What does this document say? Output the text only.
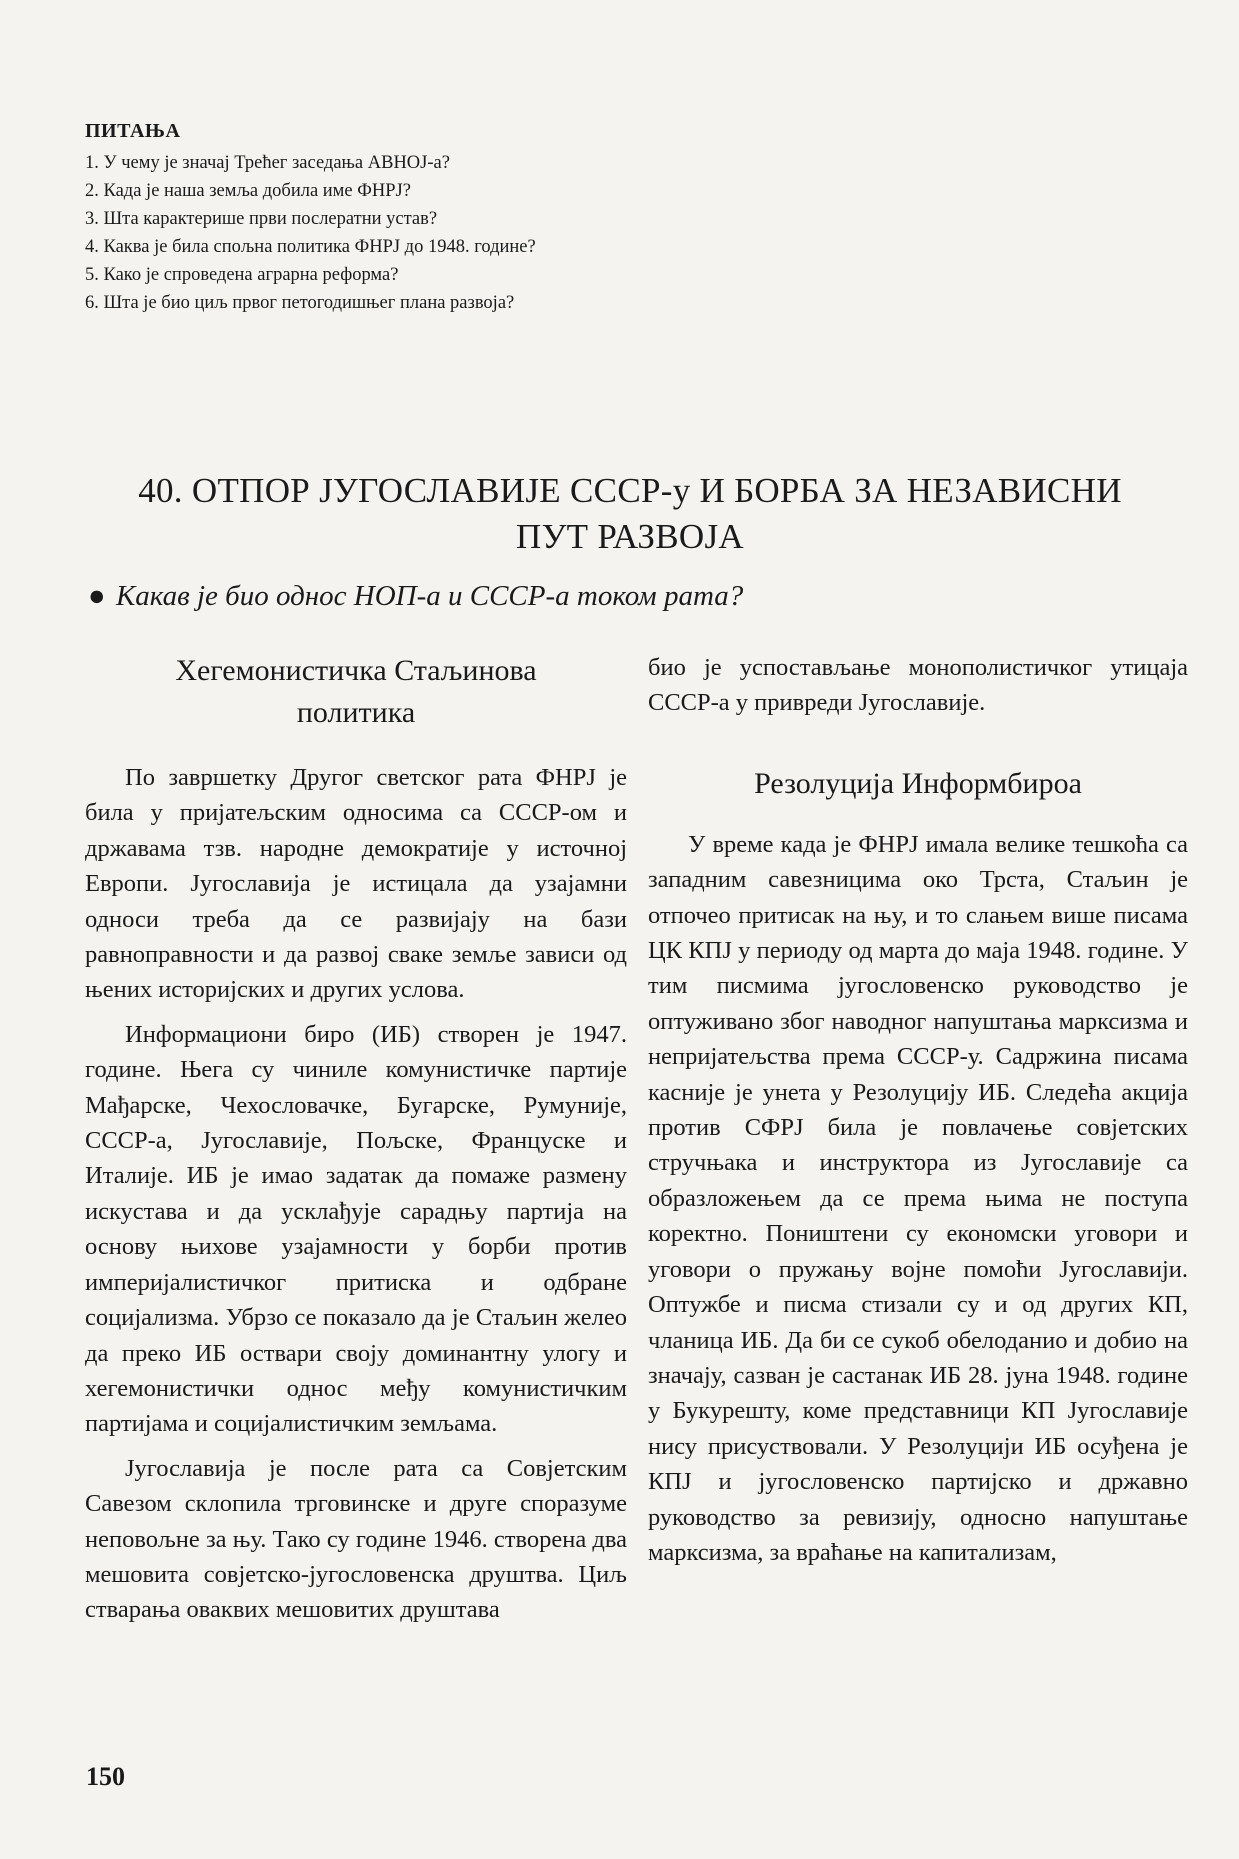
ПИТАЊА
1. У чему је значај Трећег заседања АВНОЈ-а?
2. Када је наша земља добила име ФНРЈ?
3. Шта карактерише први послератни устав?
4. Каква је била спољна политика ФНРЈ до 1948. године?
5. Како је спроведена аграрна реформа?
6. Шта је био циљ првог петогодишњег плана развоја?
40. ОТПОР ЈУГОСЛАВИЈЕ СССР-у И БОРБА ЗА НЕЗАВИСНИ
ПУТ РАЗВОЈА
● Какав је био однос НОП-а и СССР-а током рата?
Хегемонистичка Стаљинова политика

По завршетку Другог светског рата ФНРЈ је била у пријатељским односима са СССР-ом и државама тзв. народне демократије у источној Европи. Југославија је истицала да узајамни односи треба да се развијају на бази равноправности и да развој сваке земље зависи од њених историјских и других услова.

Информациони биро (ИБ) створен је 1947. године. Њега су чиниле комунистичке партије Мађарске, Чехословачке, Бугарске, Румуније, СССР-а, Југославије, Пољске, Француске и Италије. ИБ је имао задатак да помаже размену искустава и да усклађује сарадњу партија на основу њихове узајамности у борби против империјалистичког притиска и одбране социјализма. Убрзо се показало да је Стаљин желео да преко ИБ оствари своју доминантну улогу и хегемонистички однос међу комунистичким партијама и социјалистичким земљама.

Југославија је после рата са Совјетским Савезом склопила трговинске и друге споразуме неповољне за њу. Тако су године 1946. створена два мешовита совјетско-југословенска друштва. Циљ стварања оваквих мешовитих друштава

био је успостављање монополистичког утицаја СССР-а у привреди Југославије.

Резолуција Информбироа

У време када је ФНРЈ имала велике тешкоћа са западним савезницима око Трста, Стаљин је отпочео притисак на њу, и то слањем више писама ЦК КПЈ у периоду од марта до маја 1948. године. У тим писмима југословенско руководство је оптуживано због наводног напуштања марксизма и непријатељства према СССР-у. Садржина писама касније је унета у Резолуцију ИБ. Следећа акција против СФРЈ била је повлачење совјетских стручњака и инструктора из Југославије са образложењем да се према њима не поступа коректно. Поништени су економски уговори и уговори о пружању војне помоћи Југославији. Оптужбе и писма стизали су и од других КП, чланица ИБ. Да би се сукоб обелоданио и добио на значају, сазван је састанак ИБ 28. јуна 1948. године у Букурешту, коме представници КП Југославије нису присуствовали. У Резолуцији ИБ осуђена је КПЈ и југословенско партијско и државно руководство за ревизију, односно напуштање марксизма, за враћање на капитализам,

150
